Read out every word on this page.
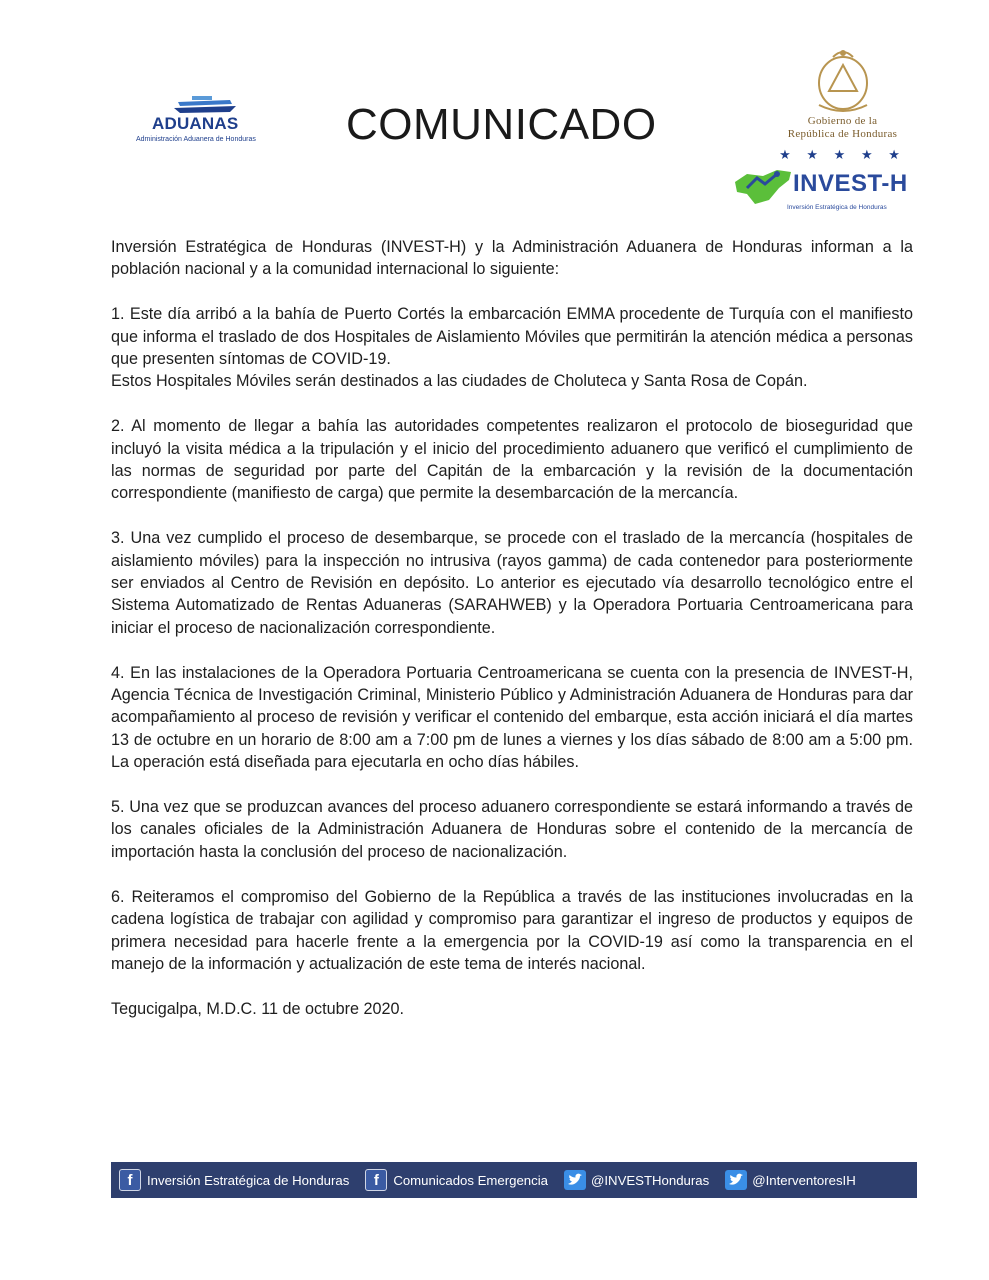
ADUANAS
Administración Aduanera de Honduras COMUNICADO	Gobierno de la
República de Honduras
★ ★ ★ ★ ★
INVEST-H
Inversión Estratégica de Honduras

Inversión Estratégica de Honduras (INVEST-H) y la Administración Aduanera de Honduras informan a la población nacional y a la comunidad internacional lo siguiente:

1. Este día arribó a la bahía de Puerto Cortés la embarcación EMMA procedente de Turquía con el manifiesto que informa el traslado de dos Hospitales de Aislamiento Móviles que permitirán la atención médica a personas que presenten síntomas de COVID-19.

Estos Hospitales Móviles serán destinados a las ciudades de Choluteca y Santa Rosa de Copán.

2. Al momento de llegar a bahía las autoridades competentes realizaron el protocolo de bioseguridad que incluyó la visita médica a la tripulación y el inicio del procedimiento aduanero que verificó el cumplimiento de las normas de seguridad por parte del Capitán de la embarcación y la revisión de la documentación correspondiente (manifiesto de carga) que permite la desembarcación de la mercancía.

3. Una vez cumplido el proceso de desembarque, se procede con el traslado de la mercancía (hospitales de aislamiento móviles) para la inspección no intrusiva (rayos gamma) de cada contenedor para posteriormente ser enviados al Centro de Revisión en depósito. Lo anterior es ejecutado vía desarrollo tecnológico entre el Sistema Automatizado de Rentas Aduaneras (SARAHWEB) y la Operadora Portuaria Centroamericana para iniciar el proceso de nacionalización correspondiente.

4. En las instalaciones de la Operadora Portuaria Centroamericana se cuenta con la presencia de INVEST-H, Agencia Técnica de Investigación Criminal, Ministerio Público y Administración Aduanera de Honduras para dar acompañamiento al proceso de revisión y verificar el contenido del embarque, esta acción iniciará el día martes 13 de octubre en un horario de 8:00 am a 7:00 pm de lunes a viernes y los días sábado de 8:00 am a 5:00 pm. La operación está diseñada para ejecutarla en ocho días hábiles.

5. Una vez que se produzcan avances del proceso aduanero correspondiente se estará informando a través de los canales oficiales de la Administración Aduanera de Honduras sobre el contenido de la mercancía de importación hasta la conclusión del proceso de nacionalización.

6. Reiteramos el compromiso del Gobierno de la República a través de las instituciones involucradas en la cadena logística de trabajar con agilidad y compromiso para garantizar el ingreso de productos y equipos de primera necesidad para hacerle frente a la emergencia por la COVID-19 así como la transparencia en el manejo de la información y actualización de este tema de interés nacional.

Tegucigalpa, M.D.C. 11 de octubre 2020.

f	Inversión Estratégica de Honduras	f	Comunicados Emergencia	@INVESTHonduras	@InterventoresIH
